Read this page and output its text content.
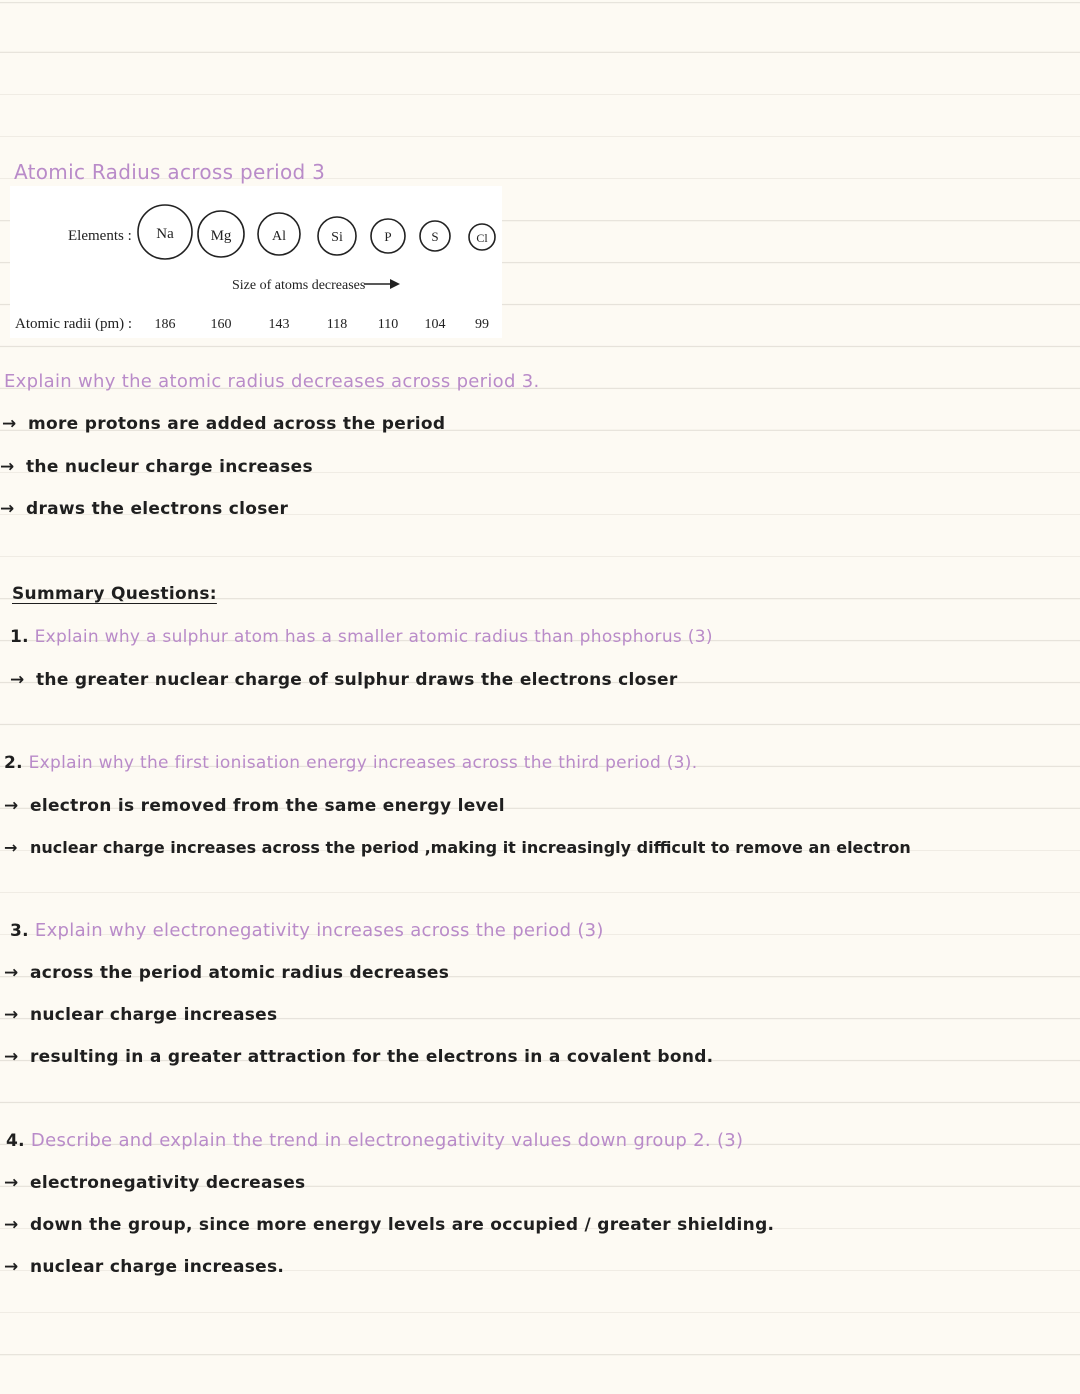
Atomic Radius across period 3
Elements : Na Mg	Al	Si	P	S	Cl
Size of atoms decreases
Atomic radii (pm) : 186	160	143	118 110 104 99
Explain why the atomic radius decreases across period 3.
→ more protons are added across the period
→ the nucleur charge increases
→ draws the electrons closer
Summary Questions:
1. Explain why a sulphur atom has a smaller atomic radius than phosphorus (3)
→ the greater nuclear charge of sulphur draws the electrons closer
2. Explain why the first ionisation energy increases across the third period (3).
→ electron is removed from the same energy level
→ nuclear charge increases across the period ,making it increasingly difficult to remove an electron
3. Explain why electronegativity increases across the period (3)
→ across the period atomic radius decreases
→ nuclear charge increases
→ resulting in a greater attraction for the electrons in a covalent bond.
4. Describe and explain the trend in electronegativity values down group 2. (3)
→ electronegativity decreases
→ down the group, since more energy levels are occupied / greater shielding.
→ nuclear charge increases.
